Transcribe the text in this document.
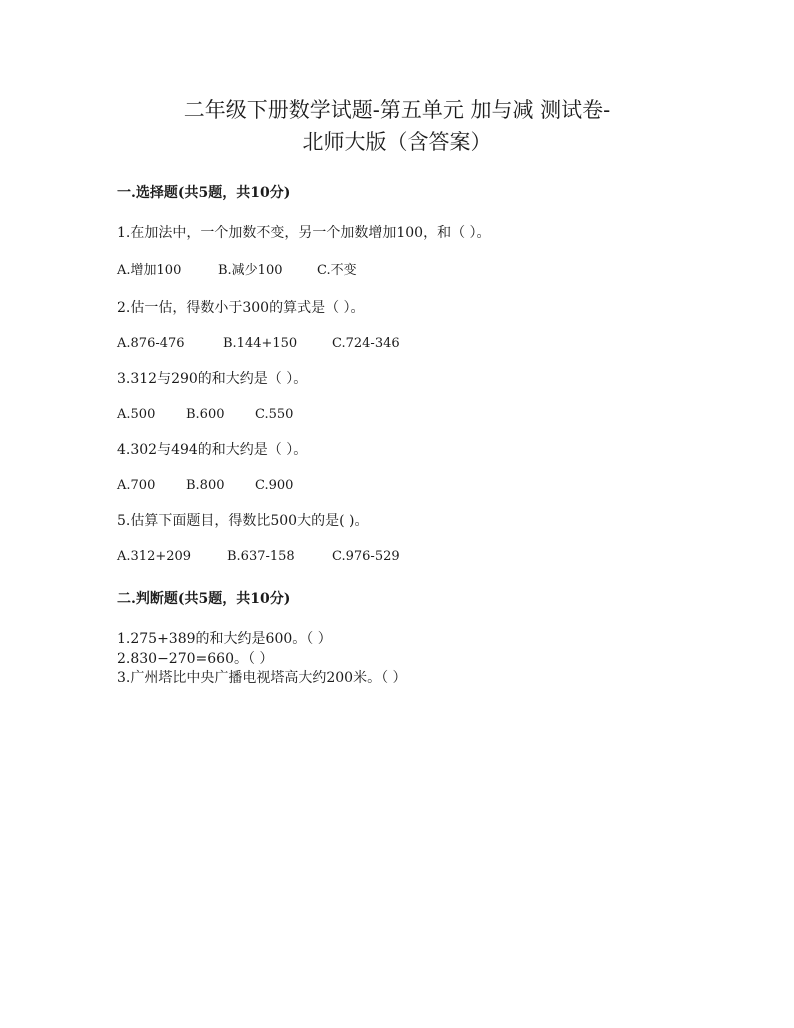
二年级下册数学试题-第五单元 加与减 测试卷-
北师大版（含答案）
一.选择题(共5题，共10分)
1.在加法中，一个加数不变，另一个加数增加100，和（ ）。
A.增加100	B.减少100	C.不变
2.估一估，得数小于300的算式是（ ）。
A.876-476	B.144+150	C.724-346
3.312与290的和大约是（ ）。
A.500 B.600 C.550
4.302与494的和大约是（ ）。
A.700 B.800 C.900
5.估算下面题目，得数比500大的是( )。
A.312+209	B.637-158	C.976-529
二.判断题(共5题，共10分)
1.275+389的和大约是600。（ ）
2.830−270=660。（ ）
3.广州塔比中央广播电视塔高大约200米。（ ）
